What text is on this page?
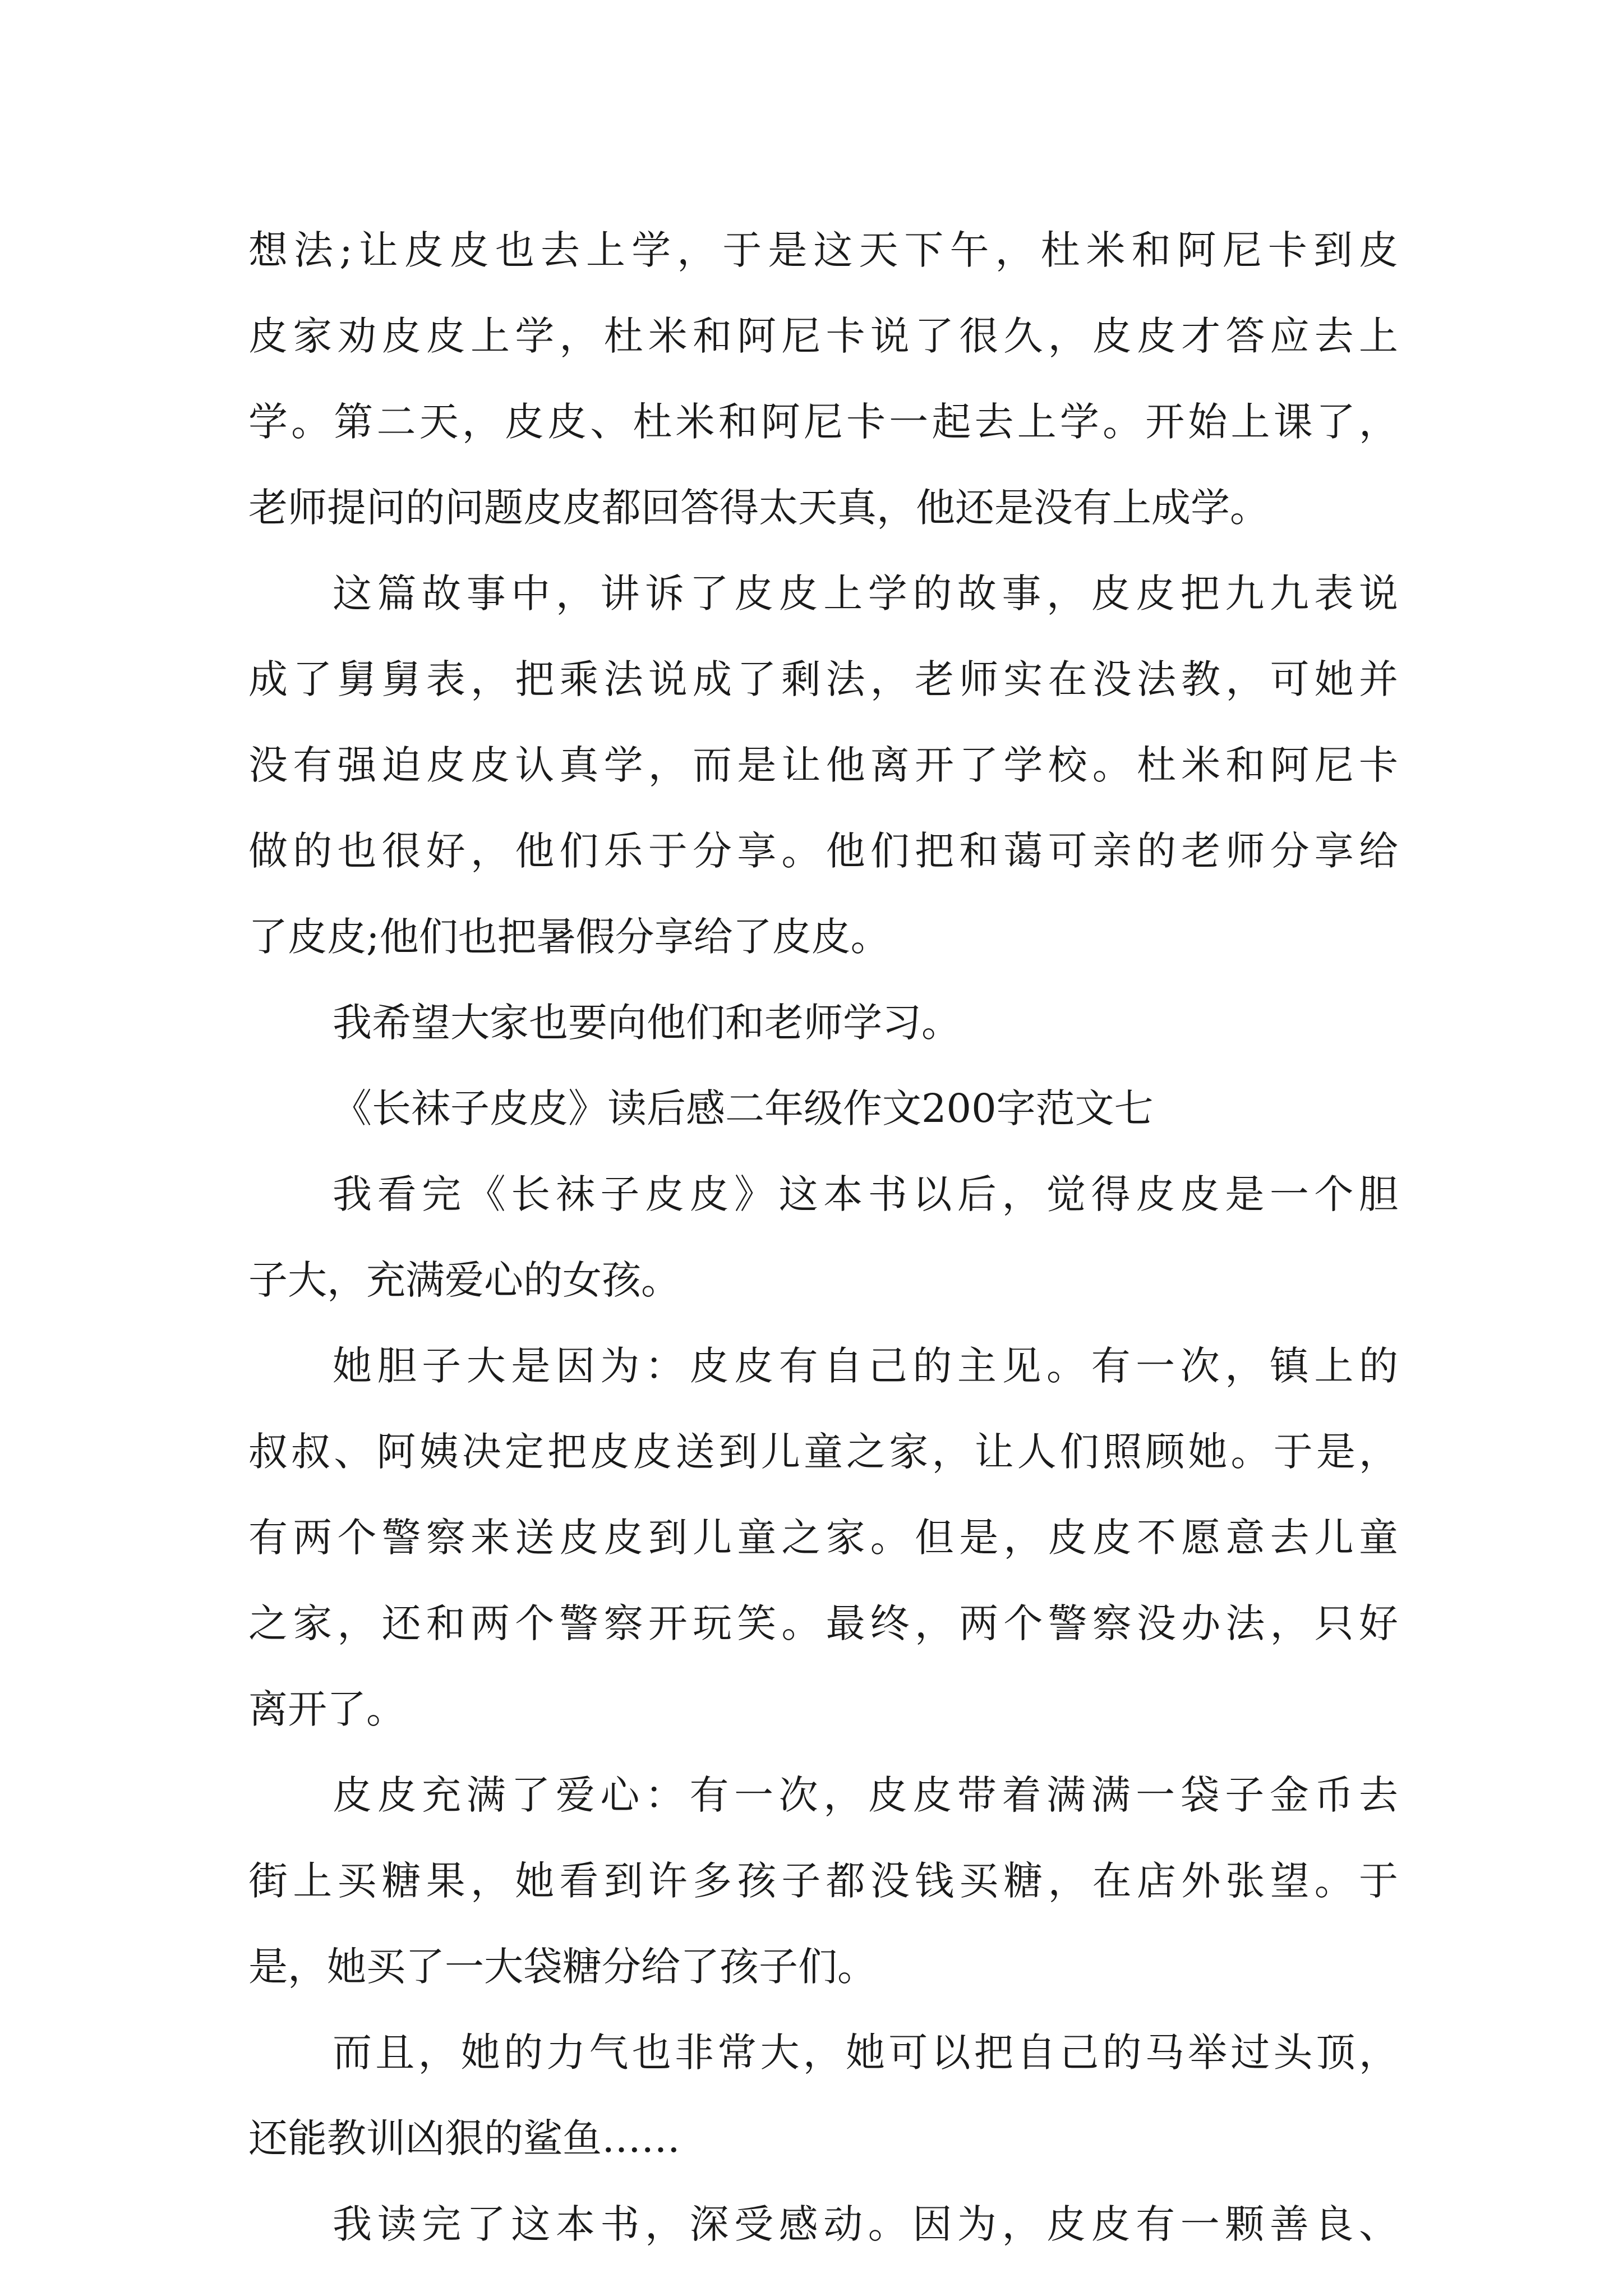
想法;让皮皮也去上学，于是这天下午，杜米和阿尼卡到皮
皮家劝皮皮上学，杜米和阿尼卡说了很久，皮皮才答应去上
学。第二天，皮皮、杜米和阿尼卡一起去上学。开始上课了，
老师提问的问题皮皮都回答得太天真，他还是没有上成学。
这篇故事中，讲诉了皮皮上学的故事，皮皮把九九表说
成了舅舅表，把乘法说成了剩法，老师实在没法教，可她并
没有强迫皮皮认真学，而是让他离开了学校。杜米和阿尼卡
做的也很好，他们乐于分享。他们把和蔼可亲的老师分享给
了皮皮;他们也把暑假分享给了皮皮。
我希望大家也要向他们和老师学习。
《长袜子皮皮》读后感二年级作文200字范文七
我看完《长袜子皮皮》这本书以后，觉得皮皮是一个胆
子大，充满爱心的女孩。
她胆子大是因为：皮皮有自己的主见。有一次，镇上的
叔叔、阿姨决定把皮皮送到儿童之家，让人们照顾她。于是，
有两个警察来送皮皮到儿童之家。但是，皮皮不愿意去儿童
之家，还和两个警察开玩笑。最终，两个警察没办法，只好
离开了。
皮皮充满了爱心：有一次，皮皮带着满满一袋子金币去
街上买糖果，她看到许多孩子都没钱买糖，在店外张望。于
是，她买了一大袋糖分给了孩子们。
而且，她的力气也非常大，她可以把自己的马举过头顶，
还能教训凶狠的鲨鱼……
我读完了这本书，深受感动。因为，皮皮有一颗善良、
